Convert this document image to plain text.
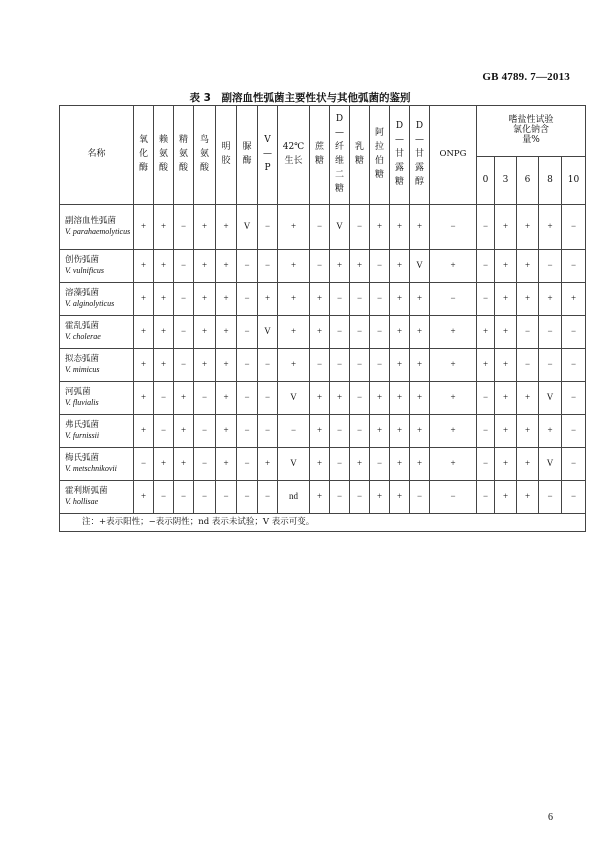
GB 4789. 7—2013
表 3　副溶血性弧菌主要性状与其他弧菌的鉴别
名称	氧化酶	赖氨酸	精氨酸	鸟氨酸	明胶	脲酶	V—P	42℃生长	蔗糖	D—纤维二糖	乳糖	阿拉伯糖	D—甘露糖	D—甘露醇	ONPG	嗜盐性试验氯化钠含量%				
																0	3	6	8	10

副溶血性弧菌
V. parahaemolyticus	+	+	−	+	+	V	−	+	−	V	−	+	+	+	−	−	+	+	+	−

创伤弧菌
V. vulnificus	+	+	−	+	+	−	−	+	−	+	+	−	+	V	+	−	+	+	−	−

溶藻弧菌
V. alginolyticus	+	+	−	+	+	−	+	+	+	−	−	−	+	+	−	−	+	+	+	+

霍乱弧菌
V. cholerae	+	+	−	+	+	−	V	+	+	−	−	−	+	+	+	+	+	−	−	−

拟态弧菌
V. mimicus	+	+	−	+	+	−	−	+	−	−	−	−	+	+	+	+	+	−	−	−

河弧菌
V. fluvialis	+	−	+	−	+	−	−	V	+	+	−	+	+	+	+	−	+	+	V	−

弗氏弧菌
V. furnissii	+	−	+	−	+	−	−	−	+	−	−	+	+	+	+	−	+	+	+	−

梅氏弧菌
V. metschnikovii	−	+	+	−	+	−	+	V	+	−	+	−	+	+	+	−	+	+	V	−

霍利斯弧菌
V. hollisae	+	−	−	−	−	−	−	nd	+	−	−	+	+	−	−	−	+	+	−	−
注：+表示阳性；−表示阴性；nd 表示未试验；V 表示可变。																				
6
